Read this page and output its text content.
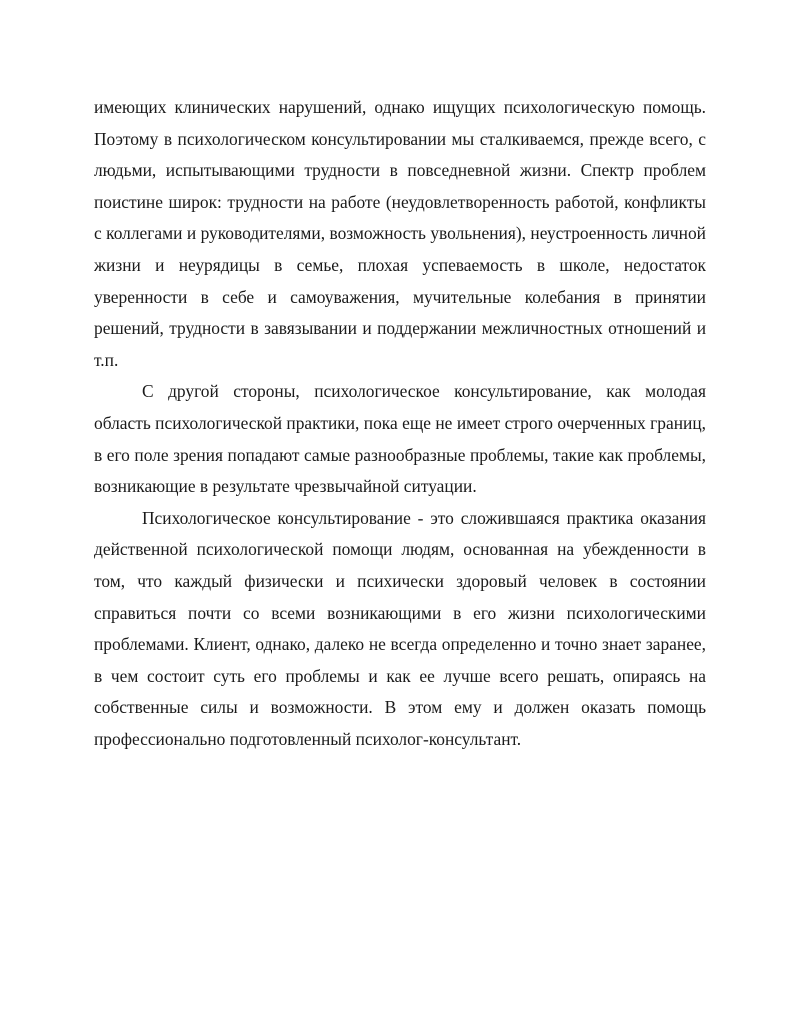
имеющих клинических нарушений, однако ищущих психологическую помощь. Поэтому в психологическом консультировании мы сталкиваемся, прежде всего, с людьми, испытывающими трудности в повседневной жизни. Спектр проблем поистине широк: трудности на работе (неудовлетворенность работой, конфликты с коллегами и руководителями, возможность увольнения), неустроенность личной жизни и неурядицы в семье, плохая успеваемость в школе, недостаток уверенности в себе и самоуважения, мучительные колебания в принятии решений, трудности в завязывании и поддержании межличностных отношений и т.п.

С другой стороны, психологическое консультирование, как молодая область психологической практики, пока еще не имеет строго очерченных границ, в его поле зрения попадают самые разнообразные проблемы, такие как проблемы, возникающие в результате чрезвычайной ситуации.

Психологическое консультирование - это сложившаяся практика оказания действенной психологической помощи людям, основанная на убежденности в том, что каждый физически и психически здоровый человек в состоянии справиться почти со всеми возникающими в его жизни психологическими проблемами. Клиент, однако, далеко не всегда определенно и точно знает заранее, в чем состоит суть его проблемы и как ее лучше всего решать, опираясь на собственные силы и возможности. В этом ему и должен оказать помощь профессионально подготовленный психолог-консультант.
